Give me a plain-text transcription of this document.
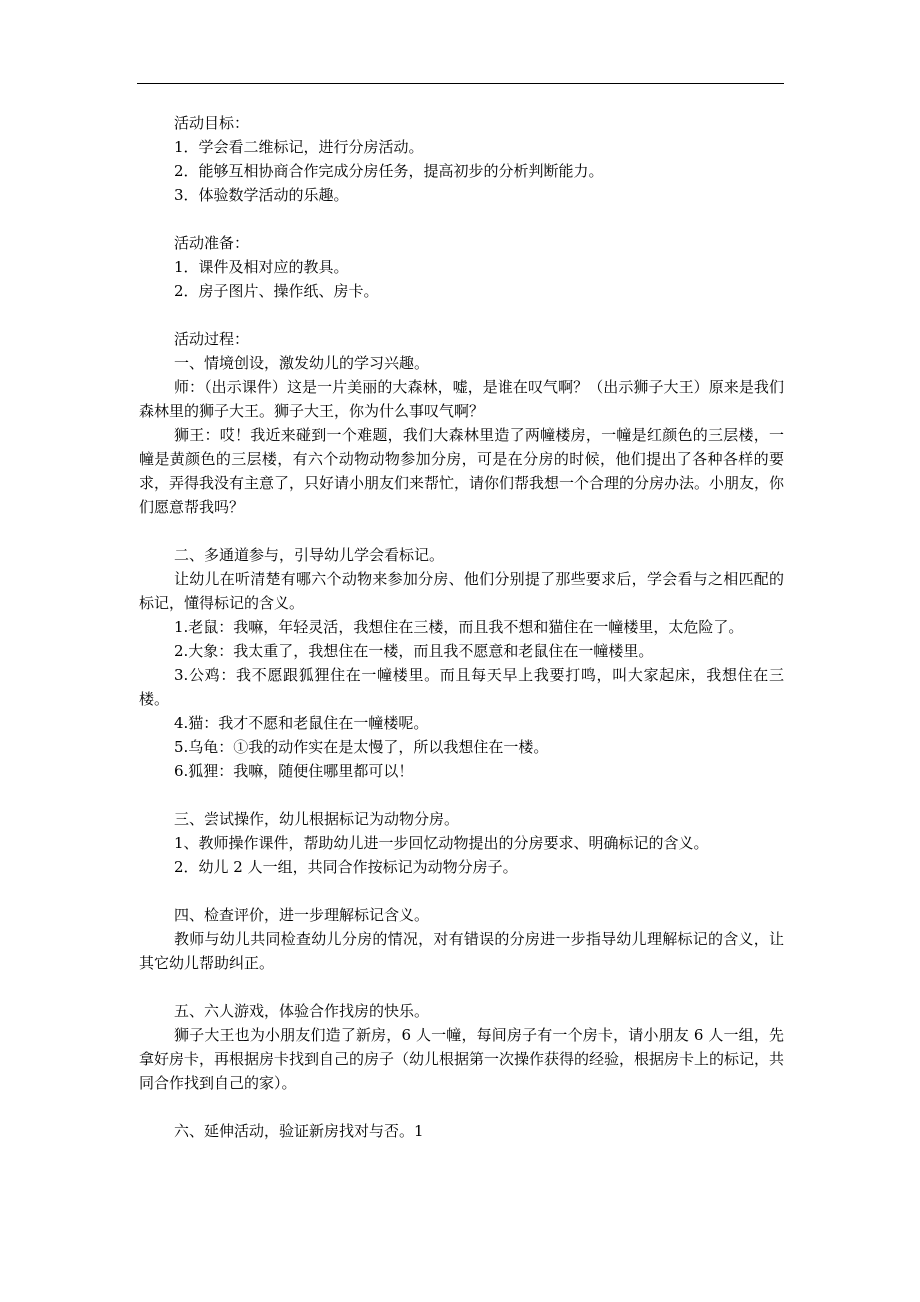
活动目标：

1．学会看二维标记，进行分房活动。

2．能够互相协商合作完成分房任务，提高初步的分析判断能力。

3．体验数学活动的乐趣。

活动准备：

1．课件及相对应的教具。

2．房子图片、操作纸、房卡。

活动过程：

一、情境创设，激发幼儿的学习兴趣。

师：（出示课件）这是一片美丽的大森林，嘘，是谁在叹气啊？（出示狮子大王）原来是我们森林里的狮子大王。狮子大王，你为什么事叹气啊？

狮王：哎！我近来碰到一个难题，我们大森林里造了两幢楼房，一幢是红颜色的三层楼，一幢是黄颜色的三层楼，有六个动物动物参加分房，可是在分房的时候，他们提出了各种各样的要求，弄得我没有主意了，只好请小朋友们来帮忙，请你们帮我想一个合理的分房办法。小朋友，你们愿意帮我吗？

二、多通道参与，引导幼儿学会看标记。

让幼儿在听清楚有哪六个动物来参加分房、他们分别提了那些要求后，学会看与之相匹配的标记，懂得标记的含义。

1.老鼠：我嘛，年轻灵活，我想住在三楼，而且我不想和猫住在一幢楼里，太危险了。

2.大象：我太重了，我想住在一楼，而且我不愿意和老鼠住在一幢楼里。

3.公鸡：我不愿跟狐狸住在一幢楼里。而且每天早上我要打鸣，叫大家起床，我想住在三楼。

4.猫：我才不愿和老鼠住在一幢楼呢。

5.乌龟：①我的动作实在是太慢了，所以我想住在一楼。

6.狐狸：我嘛，随便住哪里都可以！

三、尝试操作，幼儿根据标记为动物分房。

1、教师操作课件，帮助幼儿进一步回忆动物提出的分房要求、明确标记的含义。

2．幼儿 2 人一组，共同合作按标记为动物分房子。

四、检查评价，进一步理解标记含义。

教师与幼儿共同检查幼儿分房的情况，对有错误的分房进一步指导幼儿理解标记的含义，让其它幼儿帮助纠正。

五、六人游戏，体验合作找房的快乐。

狮子大王也为小朋友们造了新房，6 人一幢，每间房子有一个房卡，请小朋友 6 人一组，先拿好房卡，再根据房卡找到自己的房子（幼儿根据第一次操作获得的经验，根据房卡上的标记，共同合作找到自己的家）。

六、延伸活动，验证新房找对与否。1
